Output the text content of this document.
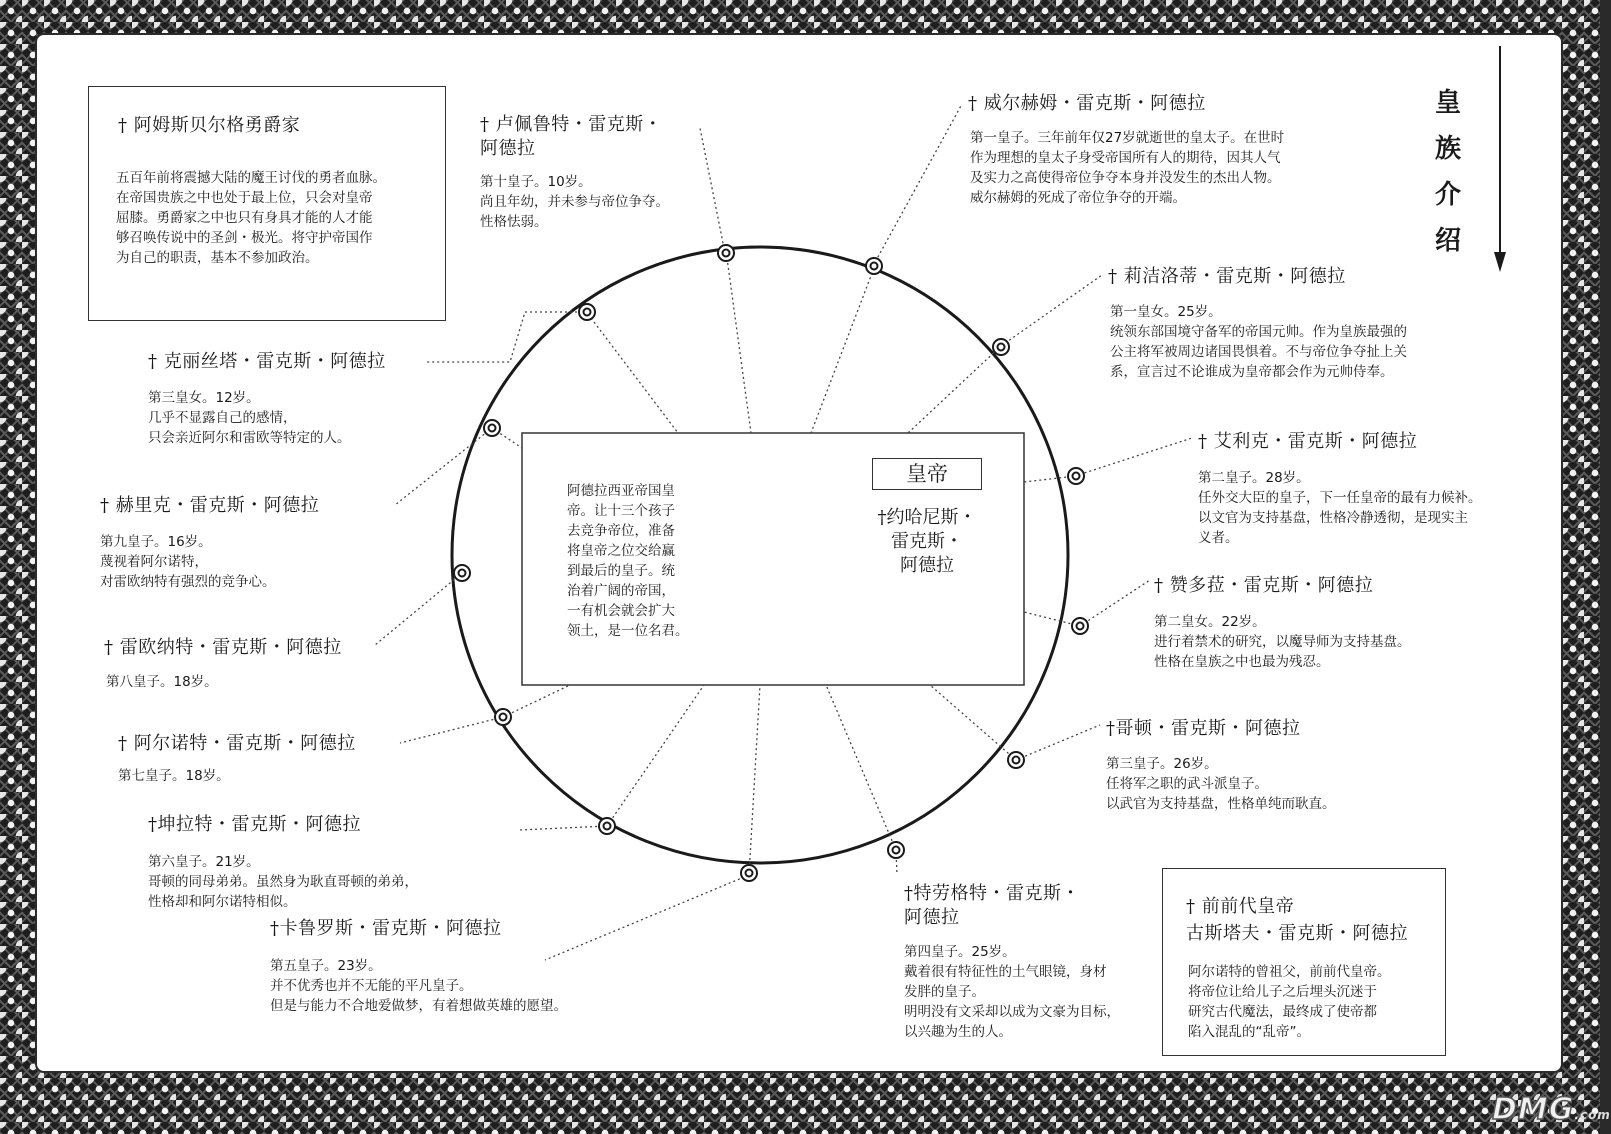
皇
族
介
绍
† 阿姆斯贝尔格勇爵家
五百年前将震撼大陆的魔王讨伐的勇者血脉。
在帝国贵族之中也处于最上位，只会对皇帝
屈膝。勇爵家之中也只有身具才能的人才能
够召唤传说中的圣剑・极光。将守护帝国作
为自己的职责，基本不参加政治。
阿德拉西亚帝国皇
帝。让十三个孩子
去竞争帝位，准备
将皇帝之位交给赢
到最后的皇子。统
治着广阔的帝国，
一有机会就会扩大
领土，是一位名君。
皇帝
†约哈尼斯・
雷克斯・
阿德拉
† 前前代皇帝
古斯塔夫・雷克斯・阿德拉
阿尔诺特的曾祖父，前前代皇帝。
将帝位让给儿子之后埋头沉迷于
研究古代魔法，最终成了使帝都
陷入混乱的“乱帝”。
† 卢佩鲁特・雷克斯・
阿德拉
第十皇子。10岁。
尚且年幼，并未参与帝位争夺。
性格怯弱。
† 威尔赫姆・雷克斯・阿德拉
第一皇子。三年前年仅27岁就逝世的皇太子。在世时
作为理想的皇太子身受帝国所有人的期待，因其人气
及实力之高使得帝位争夺本身并没发生的杰出人物。
威尔赫姆的死成了帝位争夺的开端。
† 莉洁洛蒂・雷克斯・阿德拉
第一皇女。25岁。
统领东部国境守备军的帝国元帅。作为皇族最强的
公主将军被周边诸国畏惧着。不与帝位争夺扯上关
系，宣言过不论谁成为皇帝都会作为元帅侍奉。
† 艾利克・雷克斯・阿德拉
第二皇子。28岁。
任外交大臣的皇子，下一任皇帝的最有力候补。
以文官为支持基盘，性格冷静透彻，是现实主
义者。
† 赞多菈・雷克斯・阿德拉
第二皇女。22岁。
进行着禁术的研究，以魔导师为支持基盘。
性格在皇族之中也最为残忍。
†哥顿・雷克斯・阿德拉
第三皇子。26岁。
任将军之职的武斗派皇子。
以武官为支持基盘，性格单纯而耿直。
†特劳格特・雷克斯・
阿德拉
第四皇子。25岁。
戴着很有特征性的土气眼镜，身材
发胖的皇子。
明明没有文采却以成为文豪为目标，
以兴趣为生的人。
†卡鲁罗斯・雷克斯・阿德拉
第五皇子。23岁。
并不优秀也并不无能的平凡皇子。
但是与能力不合地爱做梦，有着想做英雄的愿望。
†坤拉特・雷克斯・阿德拉
第六皇子。21岁。
哥顿的同母弟弟。虽然身为耿直哥顿的弟弟，
性格却和阿尔诺特相似。
† 阿尔诺特・雷克斯・阿德拉
第七皇子。18岁。
† 雷欧纳特・雷克斯・阿德拉
第八皇子。18岁。
† 赫里克・雷克斯・阿德拉
第九皇子。16岁。
蔑视着阿尔诺特，
对雷欧纳特有强烈的竞争心。
† 克丽丝塔・雷克斯・阿德拉
第三皇女。12岁。
几乎不显露自己的感情，
只会亲近阿尔和雷欧等特定的人。
DMG.com
